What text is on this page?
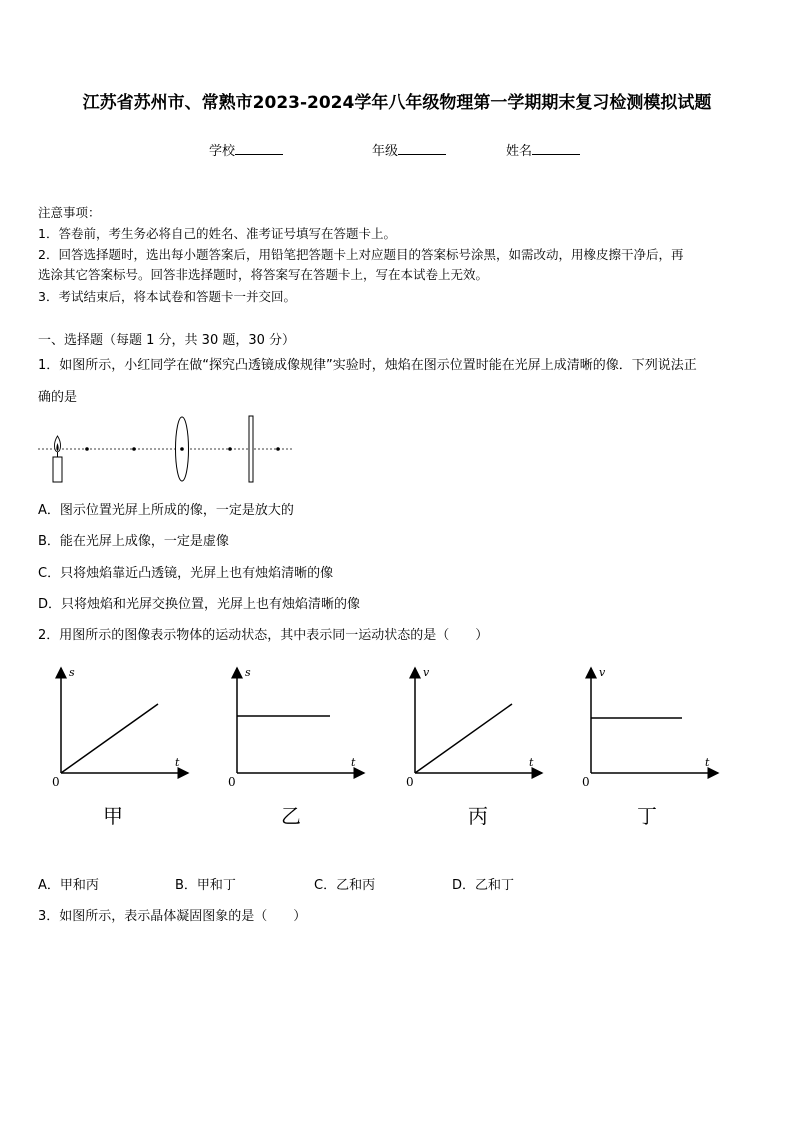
江苏省苏州市、常熟市2023-2024学年八年级物理第一学期期末复习检测模拟试题
学校	年级	姓名
注意事项：
1．答卷前，考生务必将自己的姓名、准考证号填写在答题卡上。
2．回答选择题时，选出每小题答案后，用铅笔把答题卡上对应题目的答案标号涂黑，如需改动，用橡皮擦干净后，再
选涂其它答案标号。回答非选择题时，将答案写在答题卡上，写在本试卷上无效。
3．考试结束后，将本试卷和答题卡一并交回。
一、选择题（每题 1 分，共 30 题，30 分）
1．如图所示，小红同学在做“探究凸透镜成像规律”实验时，烛焰在图示位置时能在光屏上成清晰的像．下列说法正
确的是
A．图示位置光屏上所成的像，一定是放大的
B．能在光屏上成像，一定是虚像
C．只将烛焰靠近凸透镜，光屏上也有烛焰清晰的像
D．只将烛焰和光屏交换位置，光屏上也有烛焰清晰的像
2．用图所示的图像表示物体的运动状态，其中表示同一运动状态的是（　　）
s
t
0
甲
s
t
0
乙
v
t
0
丙
v
t
0
丁
A．甲和丙	B．甲和丁	C．乙和丙	D．乙和丁
3．如图所示，表示晶体凝固图象的是（　　）
